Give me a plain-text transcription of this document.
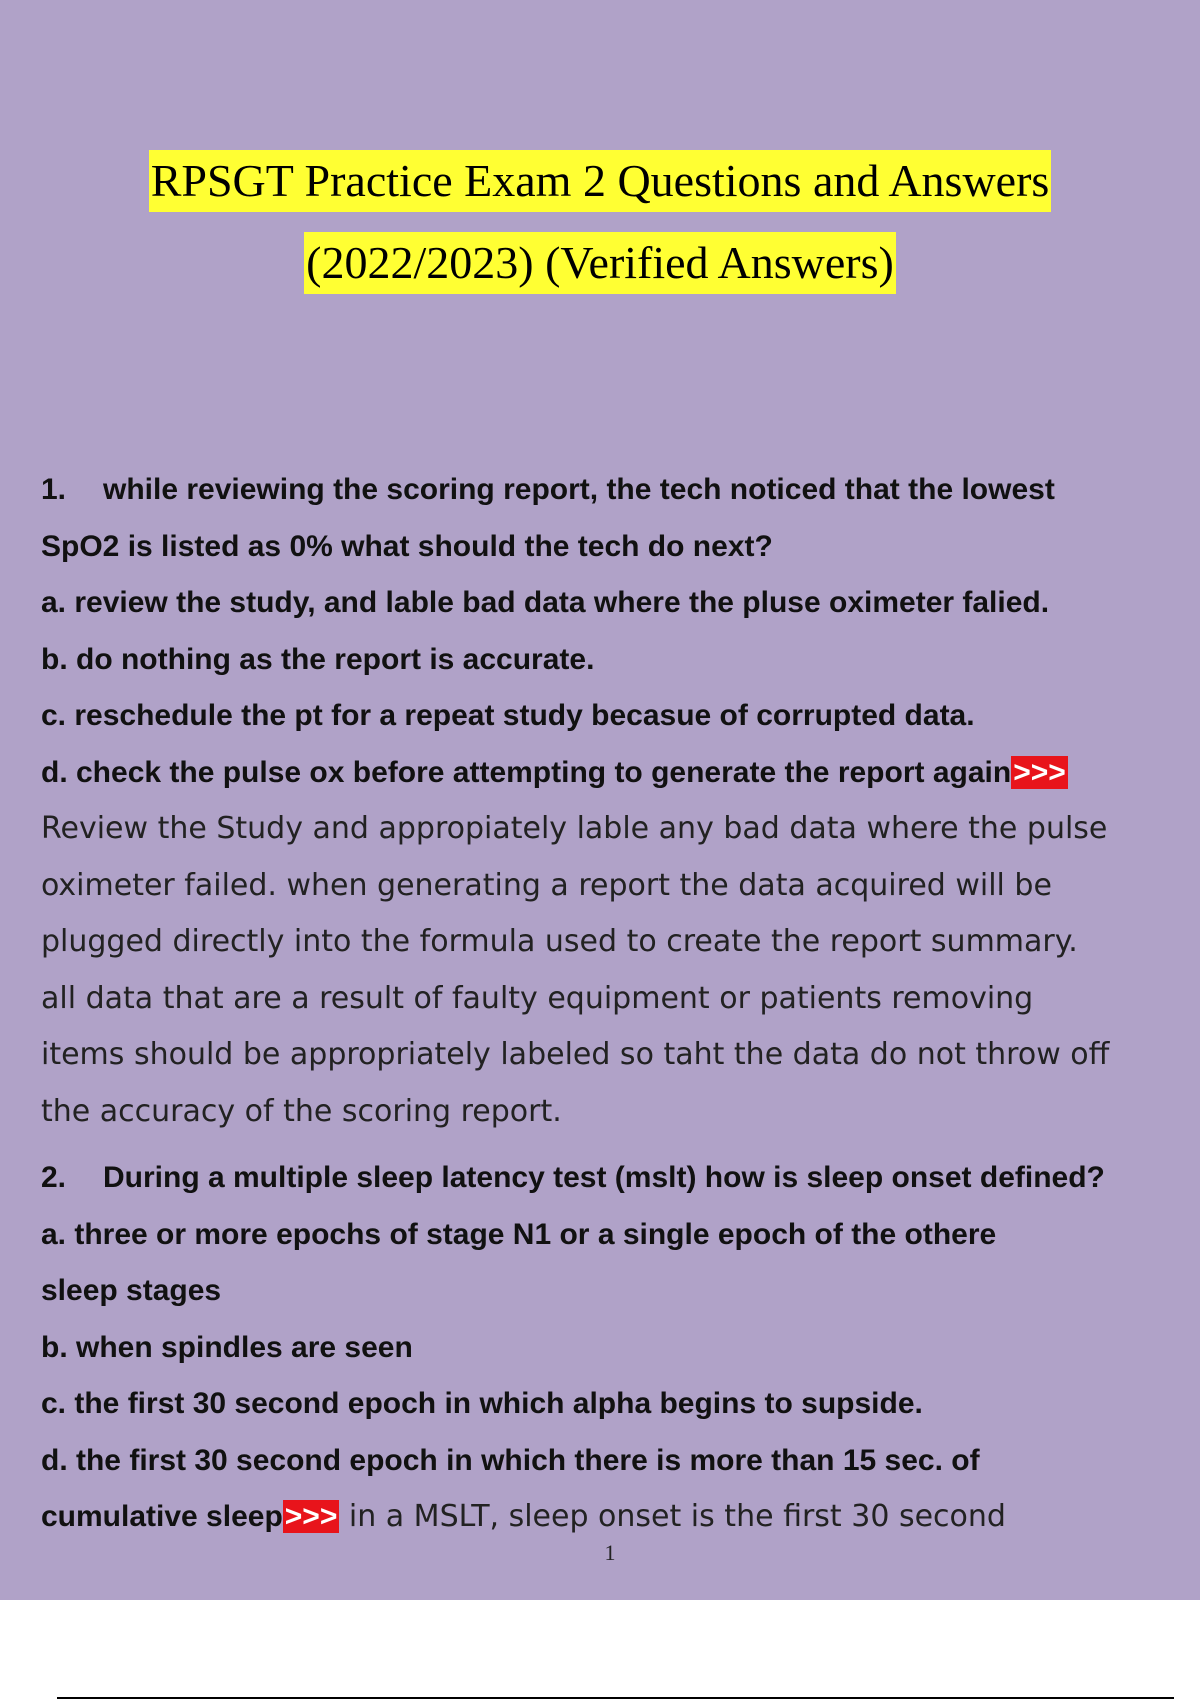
RPSGT Practice Exam 2 Questions and Answers
(2022/2023) (Verified Answers)
1. while reviewing the scoring report, the tech noticed that the lowest
SpO2 is listed as 0% what should the tech do next?
a. review the study, and lable bad data where the pluse oximeter falied.
b. do nothing as the report is accurate.
c. reschedule the pt for a repeat study becasue of corrupted data.
d. check the pulse ox before attempting to generate the report again>>>
Review the Study and appropiately lable any bad data where the pulse
oximeter failed. when generating a report the data acquired will be
plugged directly into the formula used to create the report summary.
all data that are a result of faulty equipment or patients removing
items should be appropriately labeled so taht the data do not throw off
the accuracy of the scoring report.
2. During a multiple sleep latency test (mslt) how is sleep onset defined?
a. three or more epochs of stage N1 or a single epoch of the othere
sleep stages
b. when spindles are seen
c. the first 30 second epoch in which alpha begins to supside.
d. the first 30 second epoch in which there is more than 15 sec. of
cumulative sleep>>> in a MSLT, sleep onset is the first 30 second
1
